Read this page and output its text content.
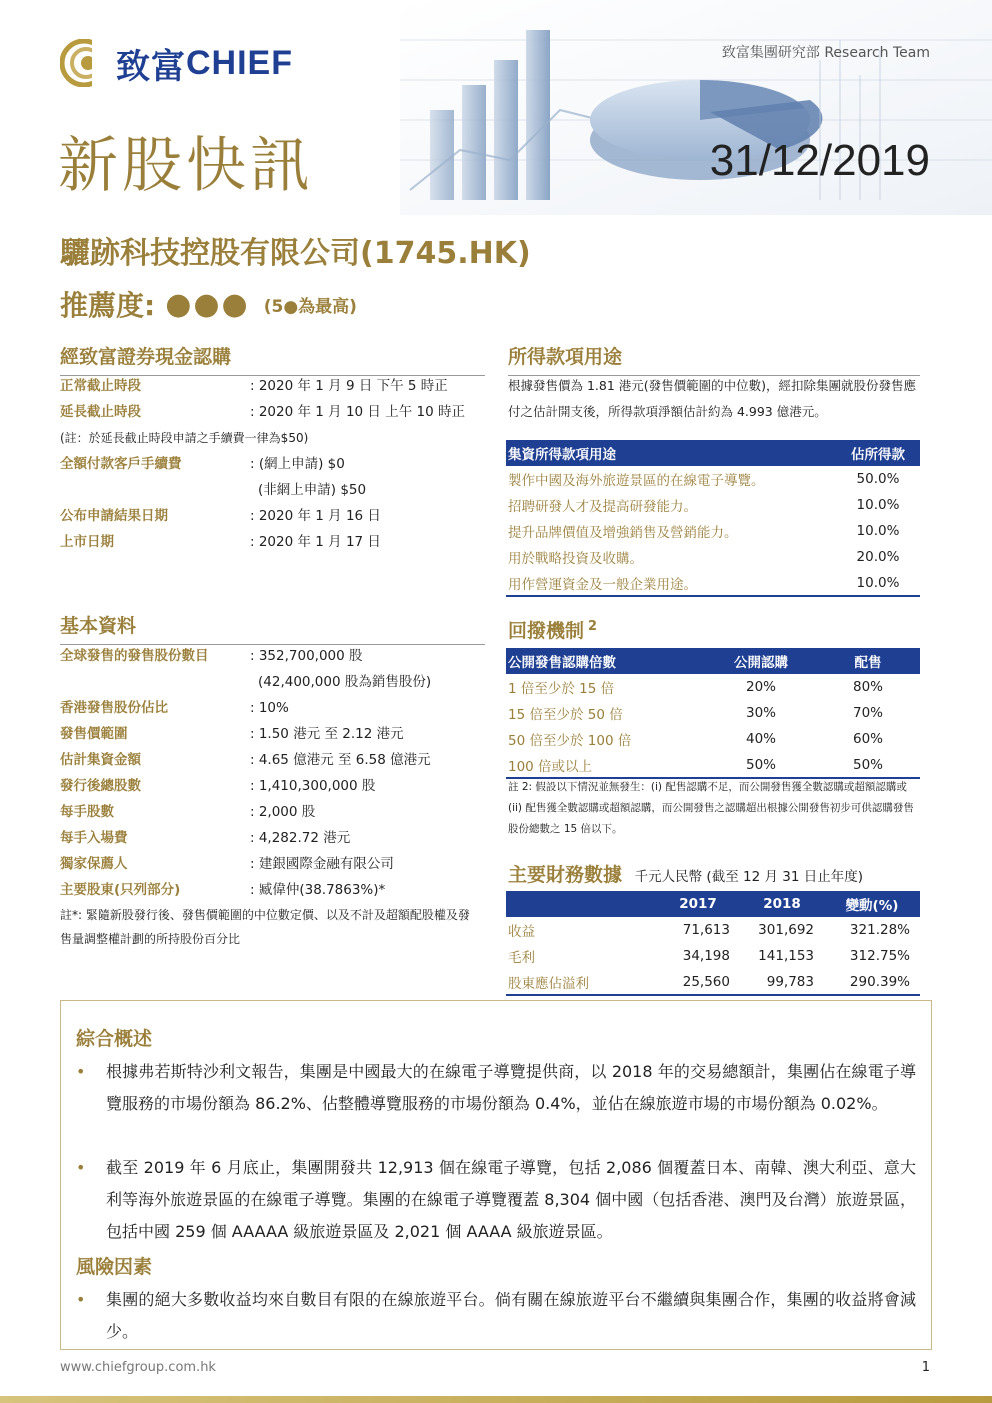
致富 CHIEF	致富集團研究部 Research Team
新股快訊	31/12/2019
驪跡科技控股有限公司(1745.HK)
推薦度: ●●● (5●為最高)
經致富證券現金認購
正常截止時段	: 2020 年 1 月 9 日 下午 5 時正
延長截止時段	: 2020 年 1 月 10 日 上午 10 時正
(註：於延長截止時段申請之手續費一律為$50)
全額付款客戶手續費	: (網上申請) $0
(非網上申請) $50
公布申請結果日期	: 2020 年 1 月 16 日
上市日期	: 2020 年 1 月 17 日
基本資料
全球發售的發售股份數目	: 352,700,000 股
(42,400,000 股為銷售股份)
香港發售股份佔比	: 10%
發售價範圍	: 1.50 港元 至 2.12 港元
估計集資金額	: 4.65 億港元 至 6.58 億港元
發行後總股數	: 1,410,300,000 股
每手股數	: 2,000 股
每手入場費	: 4,282.72 港元
獨家保薦人	: 建銀國際金融有限公司
主要股東(只列部分)	: 臧偉仲(38.7863%)*
註*: 緊隨新股發行後、發售價範圍的中位數定價、以及不計及超額配股權及發售量調整權計劃的所持股份百分比
所得款項用途
根據發售價為 1.81 港元(發售價範圍的中位數)，經扣除集團就股份發售應付之估計開支後，所得款項淨額估計約為 4.993 億港元。
集資所得款項用途	佔所得款
製作中國及海外旅遊景區的在線電子導覽。	50.0%
招聘研發人才及提高研發能力。	10.0%
提升品牌價值及增強銷售及營銷能力。	10.0%
用於戰略投資及收購。	20.0%
用作營運資金及一般企業用途。	10.0%
回撥機制 $^2$
公開發售認購倍數	公開認購	配售
1 倍至少於 15 倍	20%	80%
15 倍至少於 50 倍	30%	70%
50 倍至少於 100 倍	40%	60%
100 倍或以上	50%	50%
註 2: 假設以下情況並無發生：(i) 配售認購不足，而公開發售獲全數認購或超額認購或(ii) 配售獲全數認購或超額認購，而公開發售之認購超出根據公開發售初步可供認購發售股份總數之 15 倍以下。
主要財務數據 千元人民幣 (截至 12 月 31 日止年度)
	2017	2018	變動(%)
收益	71,613	301,692	321.28%
毛利	34,198	141,153	312.75%
股東應佔溢利	25,560	99,783	290.39%
綜合概述
• 根據弗若斯特沙利文報告，集團是中國最大的在線電子導覽提供商，以 2018 年的交易總額計，集團佔在線電子導覽服務的市場份額為 86.2%、佔整體導覽服務的市場份額為 0.4%，並佔在線旅遊市場的市場份額為 0.02%。
• 截至 2019 年 6 月底止，集團開發共 12,913 個在線電子導覽，包括 2,086 個覆蓋日本、南韓、澳大利亞、意大利等海外旅遊景區的在線電子導覽。集團的在線電子導覽覆蓋 8,304 個中國（包括香港、澳門及台灣）旅遊景區，包括中國 259 個 AAAAA 級旅遊景區及 2,021 個 AAAA 級旅遊景區。
風險因素
• 集團的絕大多數收益均來自數目有限的在線旅遊平台。倘有關在線旅遊平台不繼續與集團合作，集團的收益將會減少。
www.chiefgroup.com.hk	1
